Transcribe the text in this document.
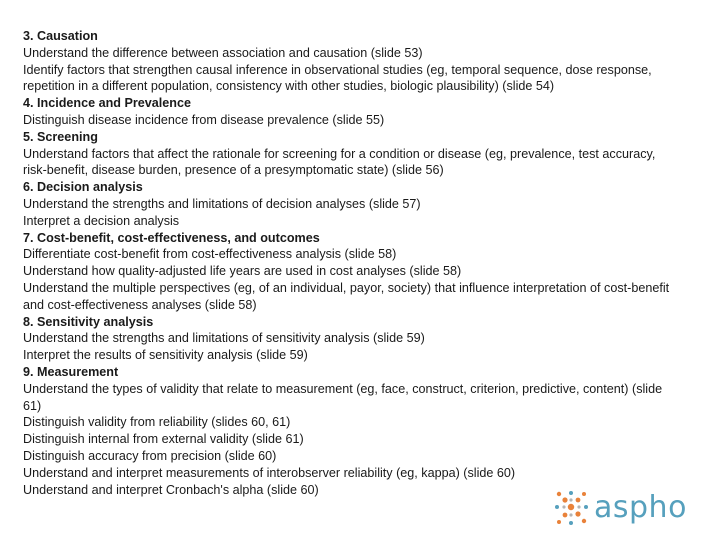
3. Causation

Understand the difference between association and causation (slide 53)

Identify factors that strengthen causal inference in observational studies (eg, temporal sequence, dose response, repetition in a different population, consistency with other studies, biologic plausibility) (slide 54)

4. Incidence and Prevalence

Distinguish disease incidence from disease prevalence (slide 55)

5. Screening

Understand factors that affect the rationale for screening for a condition or disease (eg, prevalence, test accuracy, risk-benefit, disease burden, presence of a presymptomatic state) (slide 56)

6. Decision analysis

Understand the strengths and limitations of decision analyses (slide 57)

Interpret a decision analysis

7. Cost-benefit, cost-effectiveness, and outcomes

Differentiate cost-benefit from cost-effectiveness analysis (slide 58)

Understand how quality-adjusted life years are used in cost analyses (slide 58)

Understand the multiple perspectives (eg, of an individual, payor, society) that influence interpretation of cost-benefit and cost-effectiveness analyses (slide 58)

8. Sensitivity analysis

Understand the strengths and limitations of sensitivity analysis (slide 59)

Interpret the results of sensitivity analysis (slide 59)

9. Measurement

Understand the types of validity that relate to measurement (eg, face, construct, criterion, predictive, content) (slide 61)

Distinguish validity from reliability (slides 60, 61)

Distinguish internal from external validity (slide 61)

Distinguish accuracy from precision (slide 60)

Understand and interpret measurements of interobserver reliability (eg, kappa) (slide 60)

Understand and interpret Cronbach's alpha (slide 60)

aspho
